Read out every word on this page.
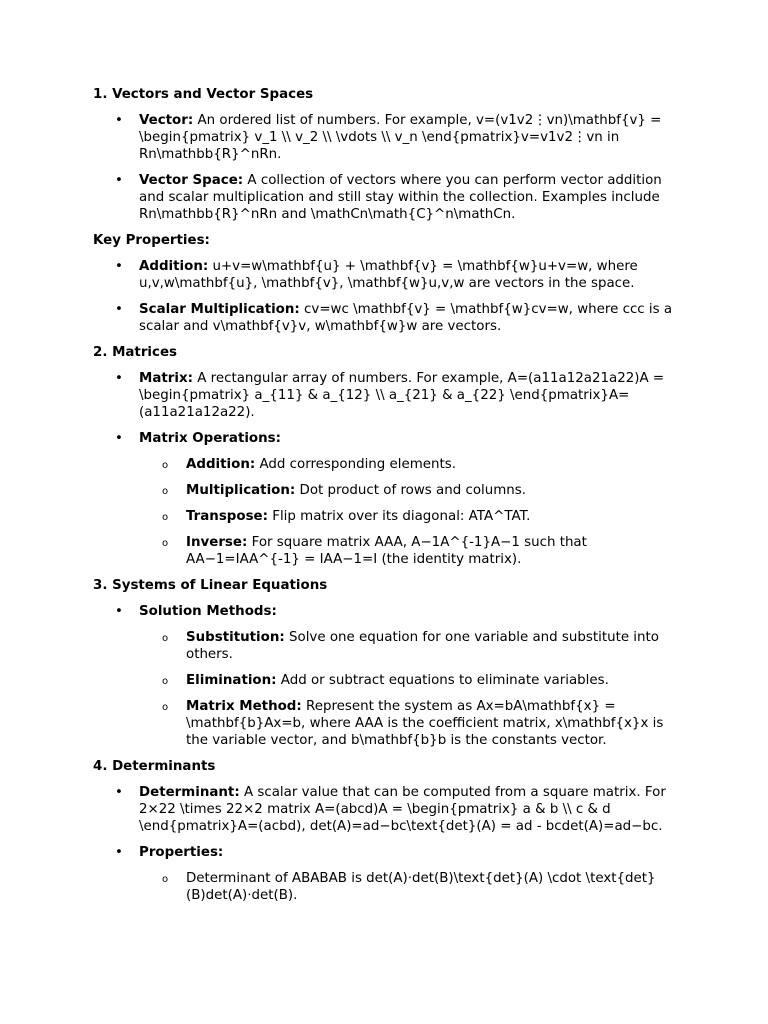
1. Vectors and Vector Spaces

• Vector: An ordered list of numbers. For example, v=(v1v2⋮vn)\mathbf{v} = \begin{pmatrix} v_1 \\ v_2 \\ \vdots \\ v_n \end{pmatrix}v=v1v2⋮vn in Rn\mathbb{R}^nRn.
• Vector Space: A collection of vectors where you can perform vector addition and scalar multiplication and still stay within the collection. Examples include Rn\mathbb{R}^nRn and \mathCn\math{C}^n\mathCn.

Key Properties:

• Addition: u+v=w\mathbf{u} + \mathbf{v} = \mathbf{w}u+v=w, where u,v,w\mathbf{u}, \mathbf{v}, \mathbf{w}u,v,w are vectors in the space.
• Scalar Multiplication: cv=wc \mathbf{v} = \mathbf{w}cv=w, where ccc is a scalar and v\mathbf{v}v, w\mathbf{w}w are vectors.

2. Matrices

• Matrix: A rectangular array of numbers. For example, A=(a11a12a21a22)A = \begin{pmatrix} a_{11} & a_{12} \\ a_{21} & a_{22} \end{pmatrix}A=(a11a21a12a22).
• Matrix Operations:
o Addition: Add corresponding elements.
o Multiplication: Dot product of rows and columns.
o Transpose: Flip matrix over its diagonal: ATA^TAT.
o Inverse: For square matrix AAA, A−1A^{-1}A−1 such that AA−1=IAA^{-1} = IAA−1=I (the identity matrix).

3. Systems of Linear Equations

• Solution Methods:
o Substitution: Solve one equation for one variable and substitute into others.
o Elimination: Add or subtract equations to eliminate variables.
o Matrix Method: Represent the system as Ax=bA\mathbf{x} = \mathbf{b}Ax=b, where AAA is the coefficient matrix, x\mathbf{x}x is the variable vector, and b\mathbf{b}b is the constants vector.

4. Determinants

• Determinant: A scalar value that can be computed from a square matrix. For 2×22 \times 22×2 matrix A=(abcd)A = \begin{pmatrix} a & b \\ c & d \end{pmatrix}A=(acbd), det(A)=ad−bc\text{det}(A) = ad - bcdet(A)=ad−bc.
• Properties:
o Determinant of ABABAB is det(A)⋅det(B)\text{det}(A) \cdot \text{det}(B)det(A)⋅det(B).
